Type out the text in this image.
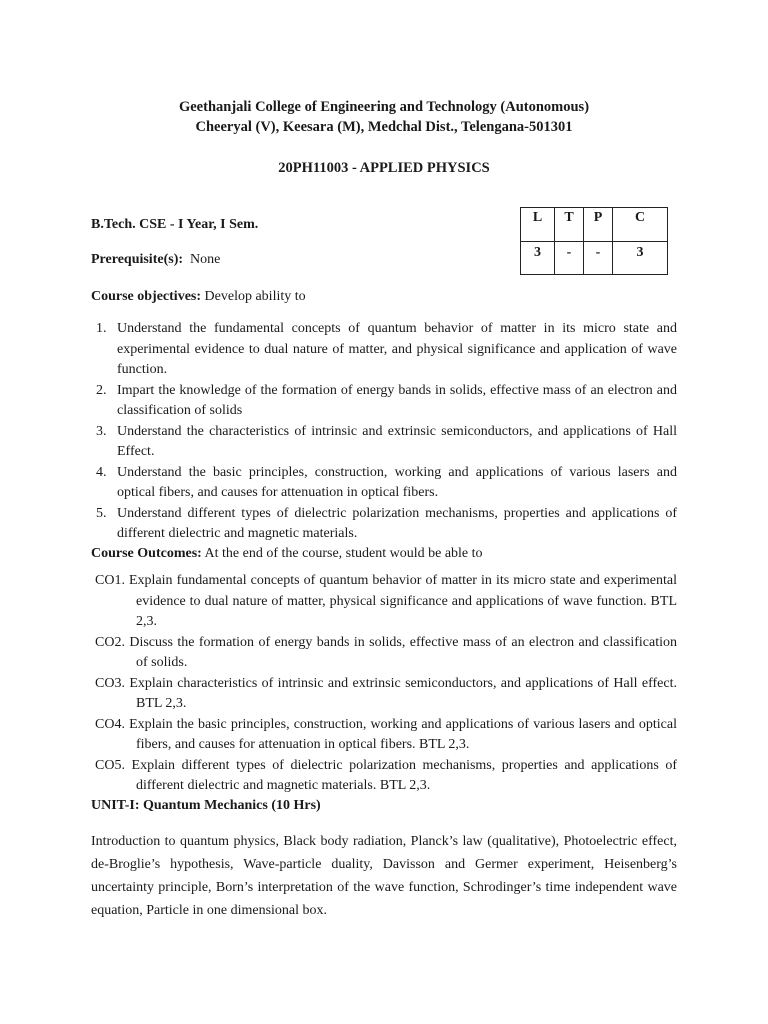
Geethanjali College of Engineering and Technology (Autonomous)
Cheeryal (V), Keesara (M), Medchal Dist., Telengana-501301
20PH11003 - APPLIED PHYSICS
B.Tech. CSE - I Year, I Sem.
Prerequisite(s): None
L	T	P	C
3	-	-	3
Course objectives: Develop ability to
1. Understand the fundamental concepts of quantum behavior of matter in its micro state and experimental evidence to dual nature of matter, and physical significance and application of wave function.
2. Impart the knowledge of the formation of energy bands in solids, effective mass of an electron and classification of solids
3. Understand the characteristics of intrinsic and extrinsic semiconductors, and applications of Hall Effect.
4. Understand the basic principles, construction, working and applications of various lasers and optical fibers, and causes for attenuation in optical fibers.
5. Understand different types of dielectric polarization mechanisms, properties and applications of different dielectric and magnetic materials.
Course Outcomes: At the end of the course, student would be able to
CO1. Explain fundamental concepts of quantum behavior of matter in its micro state and experimental evidence to dual nature of matter, physical significance and applications of wave function. BTL 2,3.
CO2. Discuss the formation of energy bands in solids, effective mass of an electron and classification of solids.
CO3. Explain characteristics of intrinsic and extrinsic semiconductors, and applications of Hall effect. BTL 2,3.
CO4. Explain the basic principles, construction, working and applications of various lasers and optical fibers, and causes for attenuation in optical fibers. BTL 2,3.
CO5. Explain different types of dielectric polarization mechanisms, properties and applications of different dielectric and magnetic materials. BTL 2,3.
UNIT-I: Quantum Mechanics (10 Hrs)
Introduction to quantum physics, Black body radiation, Planck’s law (qualitative), Photoelectric effect, de-Broglie’s hypothesis, Wave-particle duality, Davisson and Germer experiment, Heisenberg’s uncertainty principle, Born’s interpretation of the wave function, Schrodinger’s time independent wave equation, Particle in one dimensional box.
